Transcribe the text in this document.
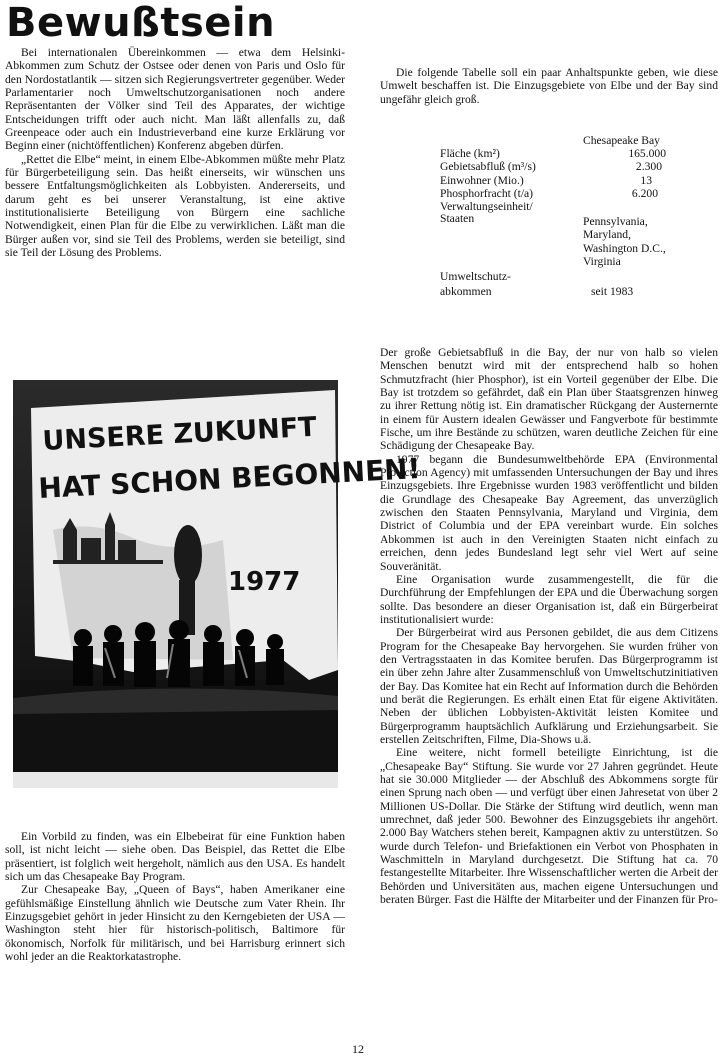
Bewußtsein

Bei internationalen Übereinkommen — etwa dem Helsinki-Abkommen zum Schutz der Ostsee oder denen von Paris und Oslo für den Nordostatlantik — sitzen sich Regierungsvertreter gegenüber. Weder Parlamentarier noch Umweltschutzorganisationen noch andere Repräsentanten der Völker sind Teil des Apparates, der wichtige Entscheidungen trifft oder auch nicht. Man läßt allenfalls zu, daß Greenpeace oder auch ein Industrieverband eine kurze Erklärung vor Beginn einer (nichtöffentlichen) Konferenz abgeben dürfen.

„Rettet die Elbe“ meint, in einem Elbe-Abkommen müßte mehr Platz für Bürgerbeteiligung sein. Das heißt einerseits, wir wünschen uns bessere Entfaltungsmöglichkeiten als Lobbyisten. Andererseits, und darum geht es bei unserer Veranstaltung, ist eine aktive institutionalisierte Beteiligung von Bürgern eine sachliche Notwendigkeit, einen Plan für die Elbe zu verwirklichen. Läßt man die Bürger außen vor, sind sie Teil des Problems, werden sie beteiligt, sind sie Teil der Lösung des Problems.

Die folgende Tabelle soll ein paar Anhaltspunkte geben, wie diese Umwelt beschaffen ist. Die Einzugsgebiete von Elbe und der Bay sind ungefähr gleich groß.

Chesapeake Bay
Fläche (km²)	165.000
Gebietsabfluß (m³/s)	2.300
Einwohner (Mio.)	13
Phosphorfracht (t/a)	6.200
Verwaltungseinheit/
Staaten	Pennsylvania,
Maryland,
Washington D.C.,
Virginia
Umweltschutz-
abkommen	seit 1983

Der große Gebietsabfluß in die Bay, der nur von halb so vielen Menschen benutzt wird mit der entsprechend halb so hohen Schmutzfracht (hier Phosphor), ist ein Vorteil gegenüber der Elbe. Die Bay ist trotzdem so gefährdet, daß ein Plan über Staatsgrenzen hinweg zu ihrer Rettung nötig ist. Ein dramatischer Rückgang der Austernernte in einem für Austern idealen Gewässer und Fangverbote für bestimmte Fische, um ihre Bestände zu schützen, waren deutliche Zeichen für eine Schädigung der Chesapeake Bay.

1977 begann die Bundesumweltbehörde EPA (Environmental Protection Agency) mit umfassenden Untersuchungen der Bay und ihres Einzugsgebiets. Ihre Ergebnisse wurden 1983 veröffentlicht und bilden die Grundlage des Chesapeake Bay Agreement, das unverzüglich zwischen den Staaten Pennsylvania, Maryland und Virginia, dem District of Columbia und der EPA vereinbart wurde. Ein solches Abkommen ist auch in den Vereinigten Staaten nicht einfach zu erreichen, denn jedes Bundesland legt sehr viel Wert auf seine Souveränität.

Eine Organisation wurde zusammengestellt, die für die Durchführung der Empfehlungen der EPA und die Überwachung sorgen sollte. Das besondere an dieser Organisation ist, daß ein Bürgerbeirat institutionalisiert wurde:

Der Bürgerbeirat wird aus Personen gebildet, die aus dem Citizens Program for the Chesapeake Bay hervorgehen. Sie wurden früher von den Vertragsstaaten in das Komitee berufen. Das Bürgerprogramm ist ein über zehn Jahre alter Zusammenschluß von Umweltschutzinitiativen der Bay. Das Komitee hat ein Recht auf Information durch die Behörden und berät die Regierungen. Es erhält einen Etat für eigene Aktivitäten. Neben der üblichen Lobbyisten-Aktivität leisten Komitee und Bürgerprogramm hauptsächlich Aufklärung und Erziehungsarbeit. Sie erstellen Zeitschriften, Filme, Dia-Shows u.ä.

Eine weitere, nicht formell beteiligte Einrichtung, ist die „Chesapeake Bay“ Stiftung. Sie wurde vor 27 Jahren gegründet. Heute hat sie 30.000 Mitglieder — der Abschluß des Abkommens sorgte für einen Sprung nach oben — und verfügt über einen Jahresetat von über 2 Millionen US-Dollar. Die Stärke der Stiftung wird deutlich, wenn man umrechnet, daß jeder 500. Bewohner des Einzugsgebiets ihr angehört. 2.000 Bay Watchers stehen bereit, Kampagnen aktiv zu unterstützen. So wurde durch Telefon- und Briefaktionen ein Verbot von Phosphaten in Waschmitteln in Maryland durchgesetzt. Die Stiftung hat ca. 70 festangestellte Mitarbeiter. Ihre Wissenschaftlicher werten die Arbeit der Behörden und Universitäten aus, machen eigene Untersuchungen und beraten Bürger. Fast die Hälfte der Mitarbeiter und der Finanzen für Pro-

UNSERE ZUKUNFT
HAT SCHON BEGONNEN!
1977

Ein Vorbild zu finden, was ein Elbebeirat für eine Funktion haben soll, ist nicht leicht — siehe oben. Das Beispiel, das Rettet die Elbe präsentiert, ist folglich weit hergeholt, nämlich aus den USA. Es handelt sich um das Chesapeake Bay Program.

Zur Chesapeake Bay, „Queen of Bays“, haben Amerikaner eine gefühlsmäßige Einstellung ähnlich wie Deutsche zum Vater Rhein. Ihr Einzugsgebiet gehört in jeder Hinsicht zu den Kerngebieten der USA — Washington steht hier für historisch-politisch, Baltimore für ökonomisch, Norfolk für militärisch, und bei Harrisburg erinnert sich wohl jeder an die Reaktorkatastrophe.

12
